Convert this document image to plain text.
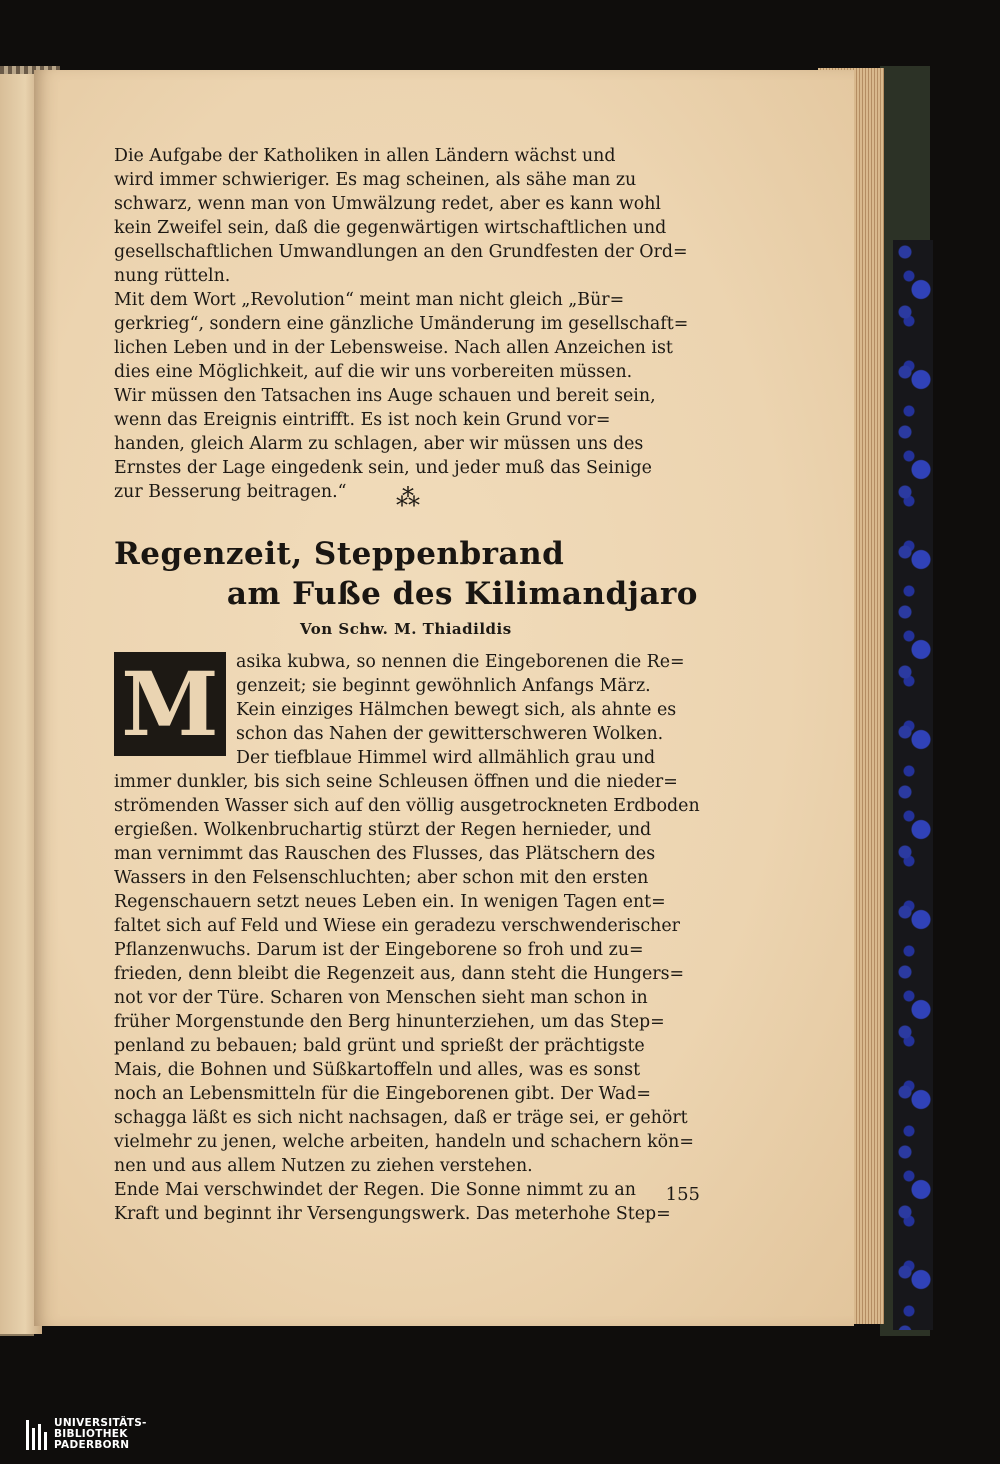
Die Aufgabe der Katholiken in allen Ländern wächst und
wird immer schwieriger. Es mag scheinen, als sähe man zu
schwarz, wenn man von Umwälzung redet, aber es kann wohl
kein Zweifel sein, daß die gegenwärtigen wirtschaftlichen und
gesellschaftlichen Umwandlungen an den Grundfesten der Ord=
nung rütteln.
Mit dem Wort „Revolution“ meint man nicht gleich „Bür=
gerkrieg“, sondern eine gänzliche Umänderung im gesellschaft=
lichen Leben und in der Lebensweise. Nach allen Anzeichen ist
dies eine Möglichkeit, auf die wir uns vorbereiten müssen.
Wir müssen den Tatsachen ins Auge schauen und bereit sein,
wenn das Ereignis eintrifft. Es ist noch kein Grund vor=
handen, gleich Alarm zu schlagen, aber wir müssen uns des
Ernstes der Lage eingedenk sein, und jeder muß das Seinige
zur Besserung beitragen.“	⁂
Regenzeit, Steppenbrand
am Fuße des Kilimandjaro
Von Schw. M. Thiadildis
M asika kubwa, so nennen die Eingeborenen die Re=
genzeit; sie beginnt gewöhnlich Anfangs März.
Kein einziges Hälmchen bewegt sich, als ahnte es
schon das Nahen der gewitterschweren Wolken.
Der tiefblaue Himmel wird allmählich grau und
immer dunkler, bis sich seine Schleusen öffnen und die nieder=
strömenden Wasser sich auf den völlig ausgetrockneten Erdboden
ergießen. Wolkenbruchartig stürzt der Regen hernieder, und
man vernimmt das Rauschen des Flusses, das Plätschern des
Wassers in den Felsenschluchten; aber schon mit den ersten
Regenschauern setzt neues Leben ein. In wenigen Tagen ent=
faltet sich auf Feld und Wiese ein geradezu verschwenderischer
Pflanzenwuchs. Darum ist der Eingeborene so froh und zu=
frieden, denn bleibt die Regenzeit aus, dann steht die Hungers=
not vor der Türe. Scharen von Menschen sieht man schon in
früher Morgenstunde den Berg hinunterziehen, um das Step=
penland zu bebauen; bald grünt und sprießt der prächtigste
Mais, die Bohnen und Süßkartoffeln und alles, was es sonst
noch an Lebensmitteln für die Eingeborenen gibt. Der Wad=
schagga läßt es sich nicht nachsagen, daß er träge sei, er gehört
vielmehr zu jenen, welche arbeiten, handeln und schachern kön=
nen und aus allem Nutzen zu ziehen verstehen.
Ende Mai verschwindet der Regen. Die Sonne nimmt zu an
Kraft und beginnt ihr Versengungswerk. Das meterhohe Step=
155
UNIVERSITÄTS-
BIBLIOTHEK
PADERBORN
